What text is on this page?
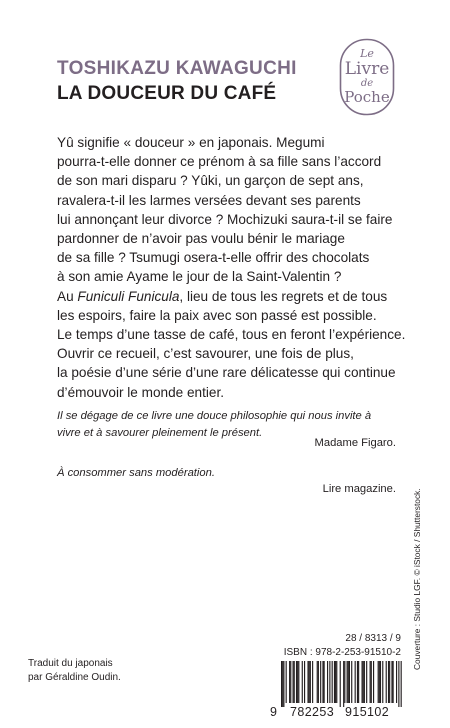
TOSHIKAZU KAWAGUCHI
LA DOUCEUR DU CAFÉ
Le
Livre
de
Poche

Yû signifie « douceur » en japonais. Megumi

pourra-t-elle donner ce prénom à sa fille sans l’accord

de son mari disparu ? Yûki, un garçon de sept ans,

ravalera-t-il les larmes versées devant ses parents

lui annonçant leur divorce ? Mochizuki saura-t-il se faire

pardonner de n’avoir pas voulu bénir le mariage

de sa fille ? Tsumugi osera-t-elle offrir des chocolats

à son amie Ayame le jour de la Saint-Valentin ?

Au Funiculi Funicula, lieu de tous les regrets et de tous

les espoirs, faire la paix avec son passé est possible.

Le temps d’une tasse de café, tous en feront l’expérience.

Ouvrir ce recueil, c’est savourer, une fois de plus,

la poésie d’une série d’une rare délicatesse qui continue

d’émouvoir le monde entier.

Il se dégage de ce livre une douce philosophie qui nous invite à

vivre et à savourer pleinement le présent.

Madame Figaro.

À consommer sans modération.

Lire magazine. Couverture : Studio LGF. © iStock / Shutterstock.
28 / 8313 / 9
ISBN : 978-2-253-91510-2
Traduit du japonais
par Géraldine Oudin.
9 782253 915102
